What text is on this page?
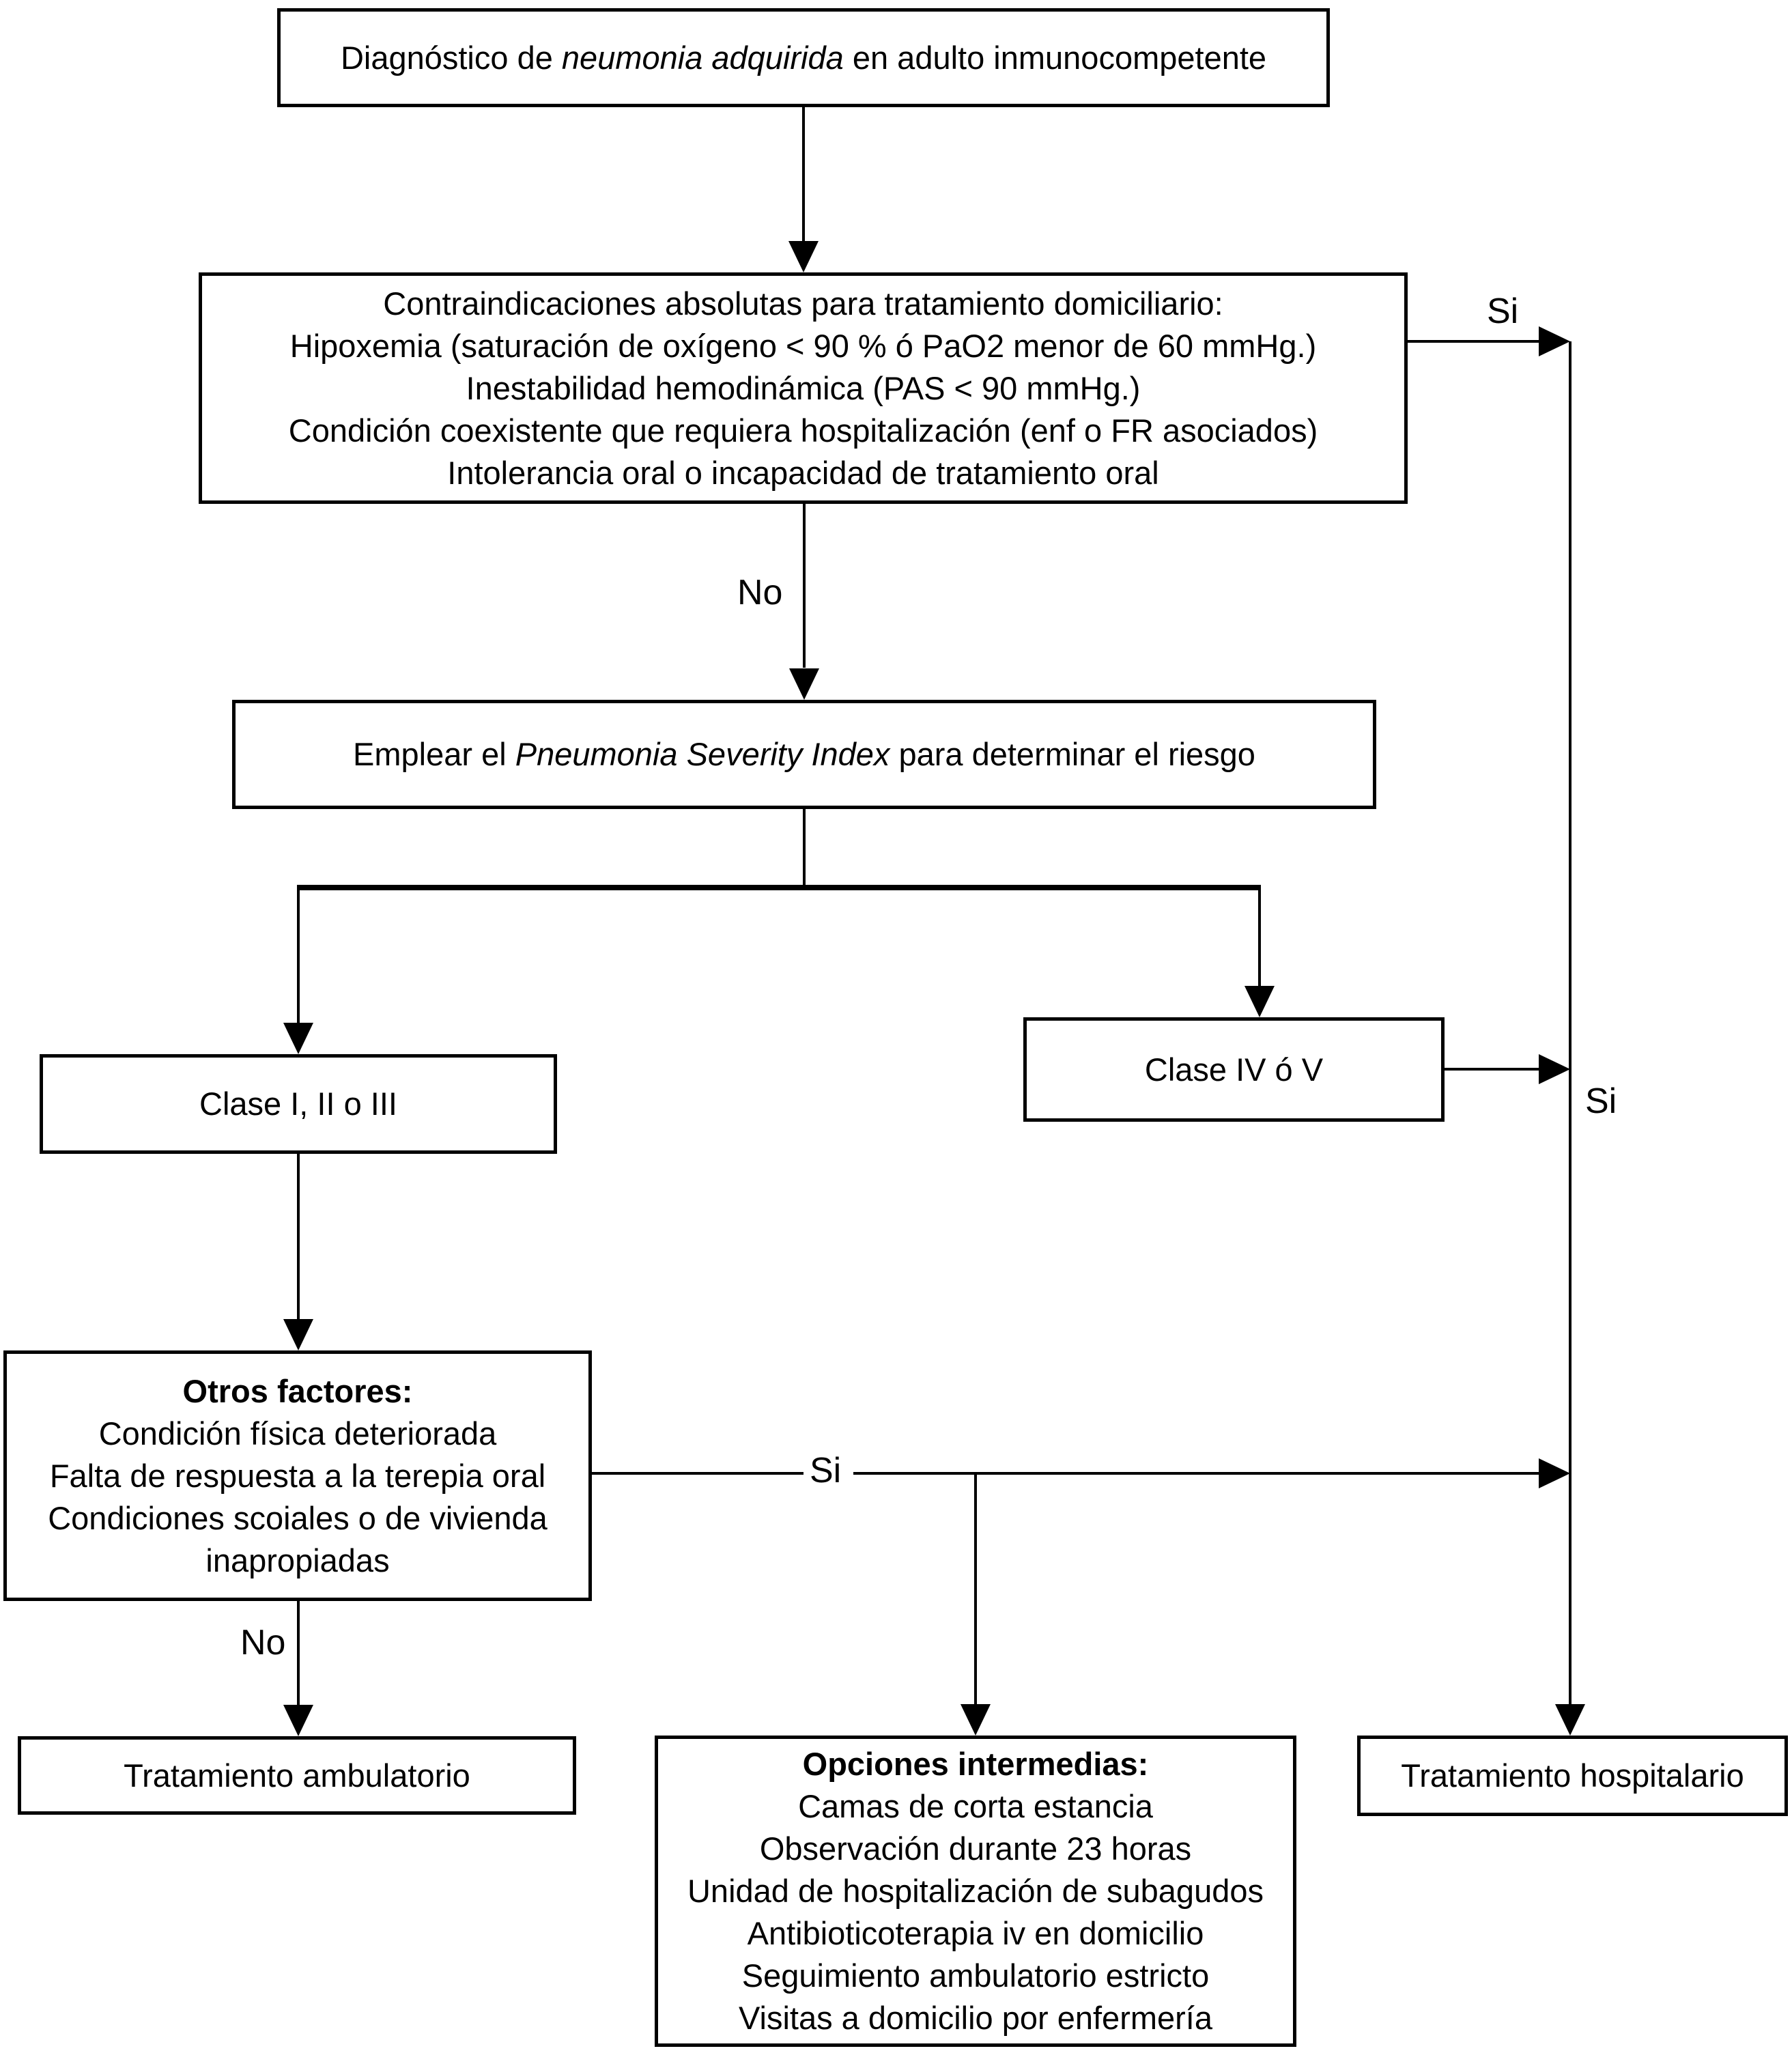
Diagnóstico de neumonia adquirida en adulto inmunocompetente
Contraindicaciones absolutas para tratamiento domiciliario:
Hipoxemia (saturación de oxígeno < 90 % ó PaO2 menor de 60 mmHg.)
Inestabilidad hemodinámica (PAS < 90 mmHg.)
Condición coexistente que requiera hospitalización (enf o FR asociados)
Intolerancia oral o incapacidad de tratamiento oral
Si
No
Emplear el Pneumonia Severity Index para determinar el riesgo
Clase I, II o III
Clase IV ó V
Si
Otros factores:
Condición física deteriorada
Falta de respuesta a la terepia oral
Condiciones scoiales o de vivienda
inapropiadas
Si
No
Tratamiento ambulatorio	Opciones intermedias:
Camas de corta estancia
Observación durante 23 horas
Unidad de hospitalización de subagudos
Antibioticoterapia iv en domicilio
Seguimiento ambulatorio estricto
Visitas a domicilio por enfermería
Tratamiento hospitalario
